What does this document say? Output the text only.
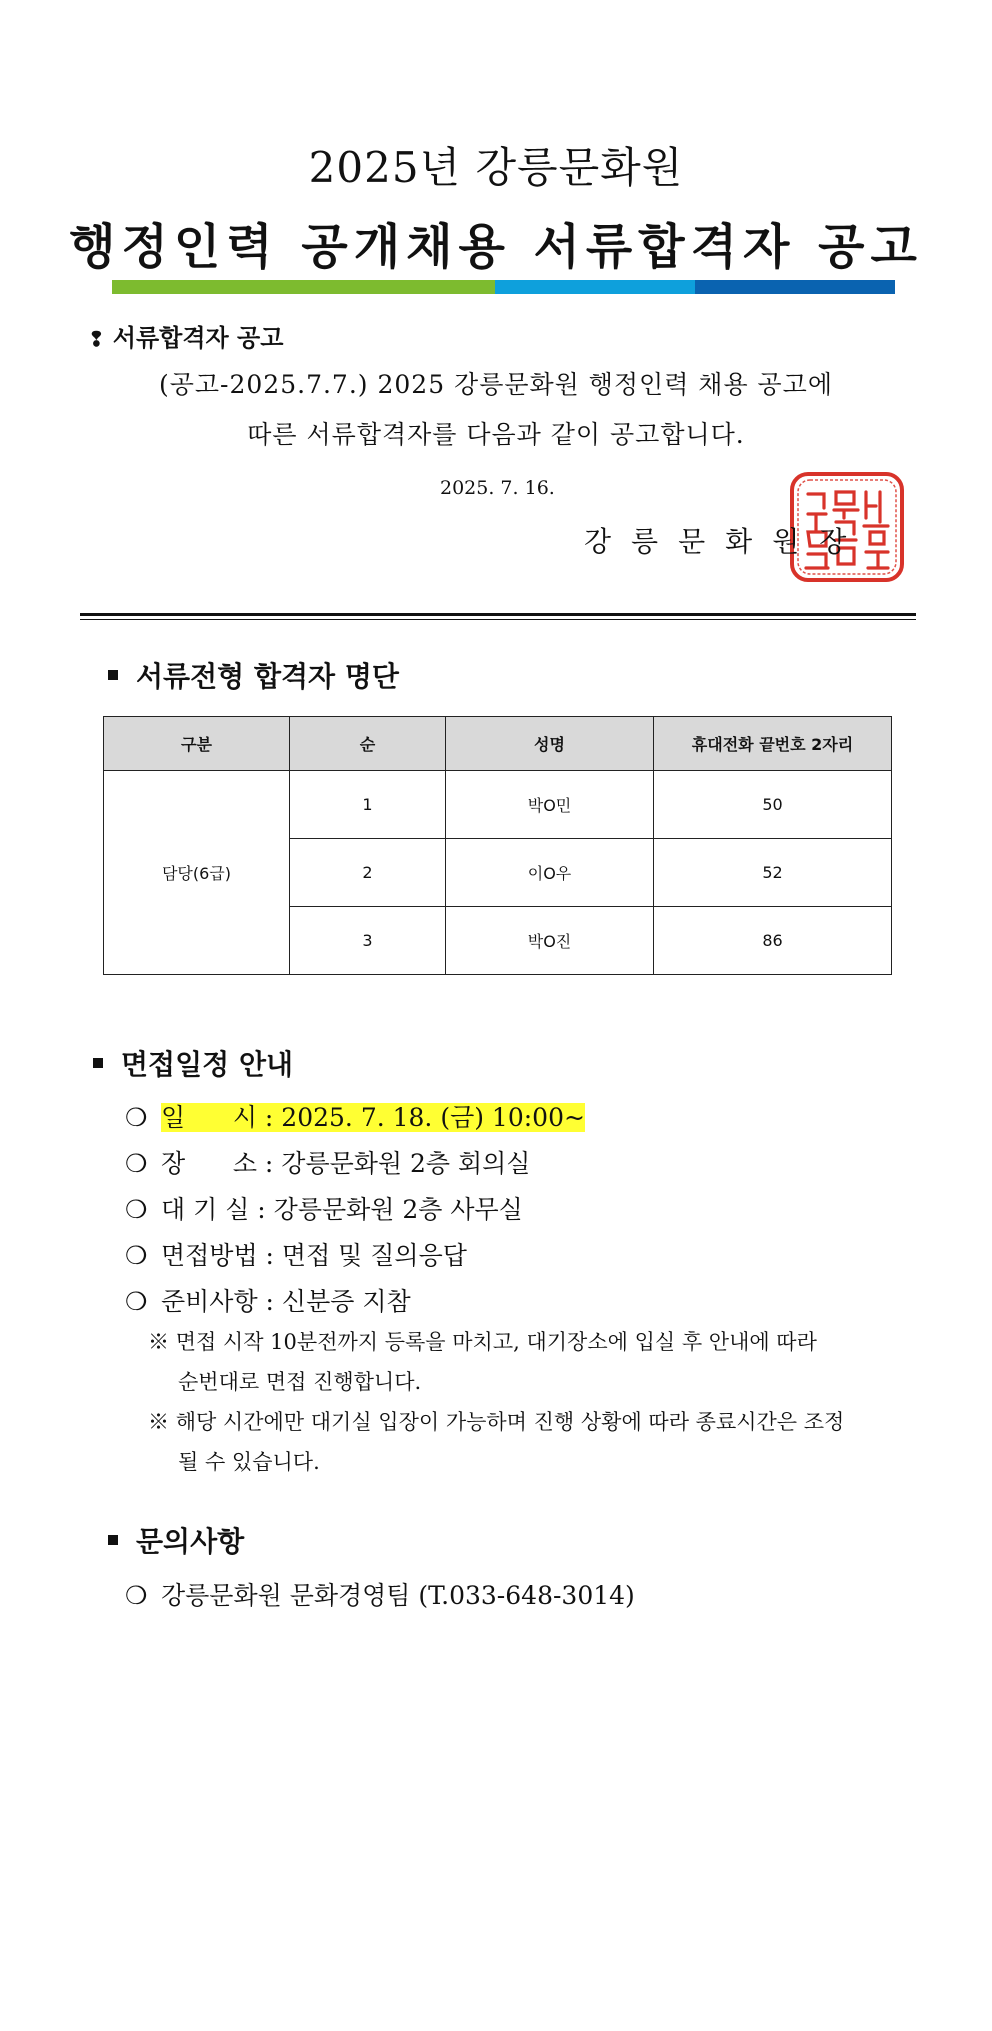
2025년 강릉문화원
행정인력 공개채용 서류합격자 공고
❢ 서류합격자 공고
(공고-2025.7.7.) 2025 강릉문화원 행정인력 채용 공고에
따른 서류합격자를 다음과 같이 공고합니다.
2025. 7. 16.
강릉문화원장
서류전형 합격자 명단
구분	순	성명	휴대전화 끝번호 2자리
담당(6급)	1	박O민	50
	2	이O우	52
	3	박O진	86
면접일정 안내
❍ 일      시 : 2025. 7. 18. (금) 10:00~
❍ 장      소 : 강릉문화원 2층 회의실
❍ 대 기 실 : 강릉문화원 2층 사무실
❍ 면접방법 : 면접 및 질의응답
❍ 준비사항 : 신분증 지참
※ 면접 시작 10분전까지 등록을 마치고, 대기장소에 입실 후 안내에 따라
순번대로 면접 진행합니다.
※ 해당 시간에만 대기실 입장이 가능하며 진행 상황에 따라 종료시간은 조정
될 수 있습니다.
문의사항
❍ 강릉문화원 문화경영팀 (T.033-648-3014)
